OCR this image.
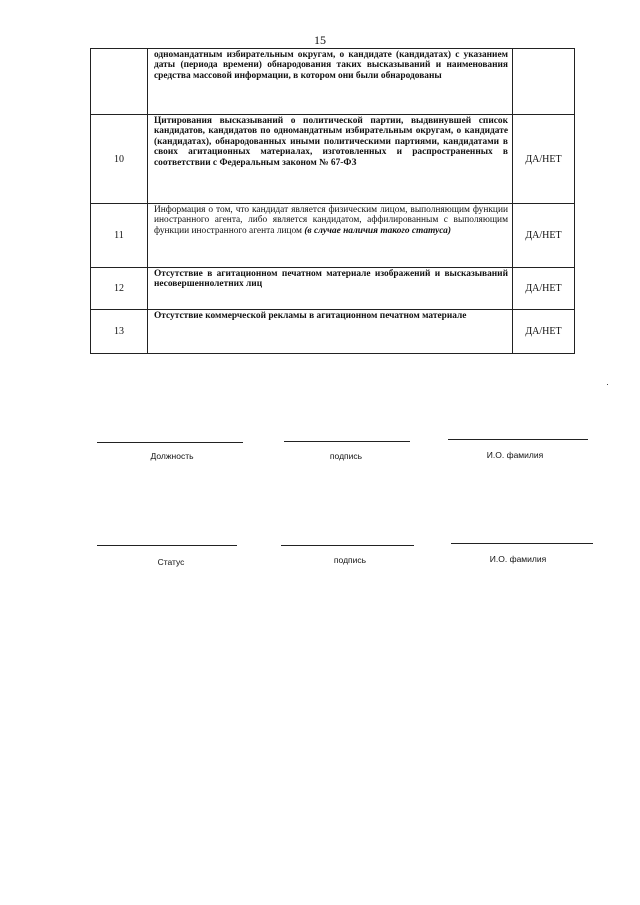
15
	одномандатным избирательным округам, о кандидате (кандидатах) с указанием даты (периода времени) обнародования таких высказываний и наименования средства массовой информации, в котором они были обнародованы	
10	Цитирования высказываний о политической партии, выдвинувшей список кандидатов, кандидатов по одномандатным избирательным округам, о кандидате (кандидатах), обнародованных иными политическими партиями, кандидатами в своих агитационных материалах, изготовленных и распространенных в соответствии с Федеральным законом № 67-ФЗ	ДА/НЕТ
11	Информация о том, что кандидат является физическим лицом, выполняющим функции иностранного агента, либо является кандидатом, аффилированным с выполяющим функции иностранного агента лицом (в случае наличия такого статуса)	ДА/НЕТ
12	Отсутствие в агитационном печатном материале изображений и высказываний несовершеннолетних лиц	ДА/НЕТ
13	Отсутствие коммерческой рекламы в агитационном печатном материале	ДА/НЕТ
Должность	подпись	И.О. фамилия
Статус	подпись	И.О. фамилия
